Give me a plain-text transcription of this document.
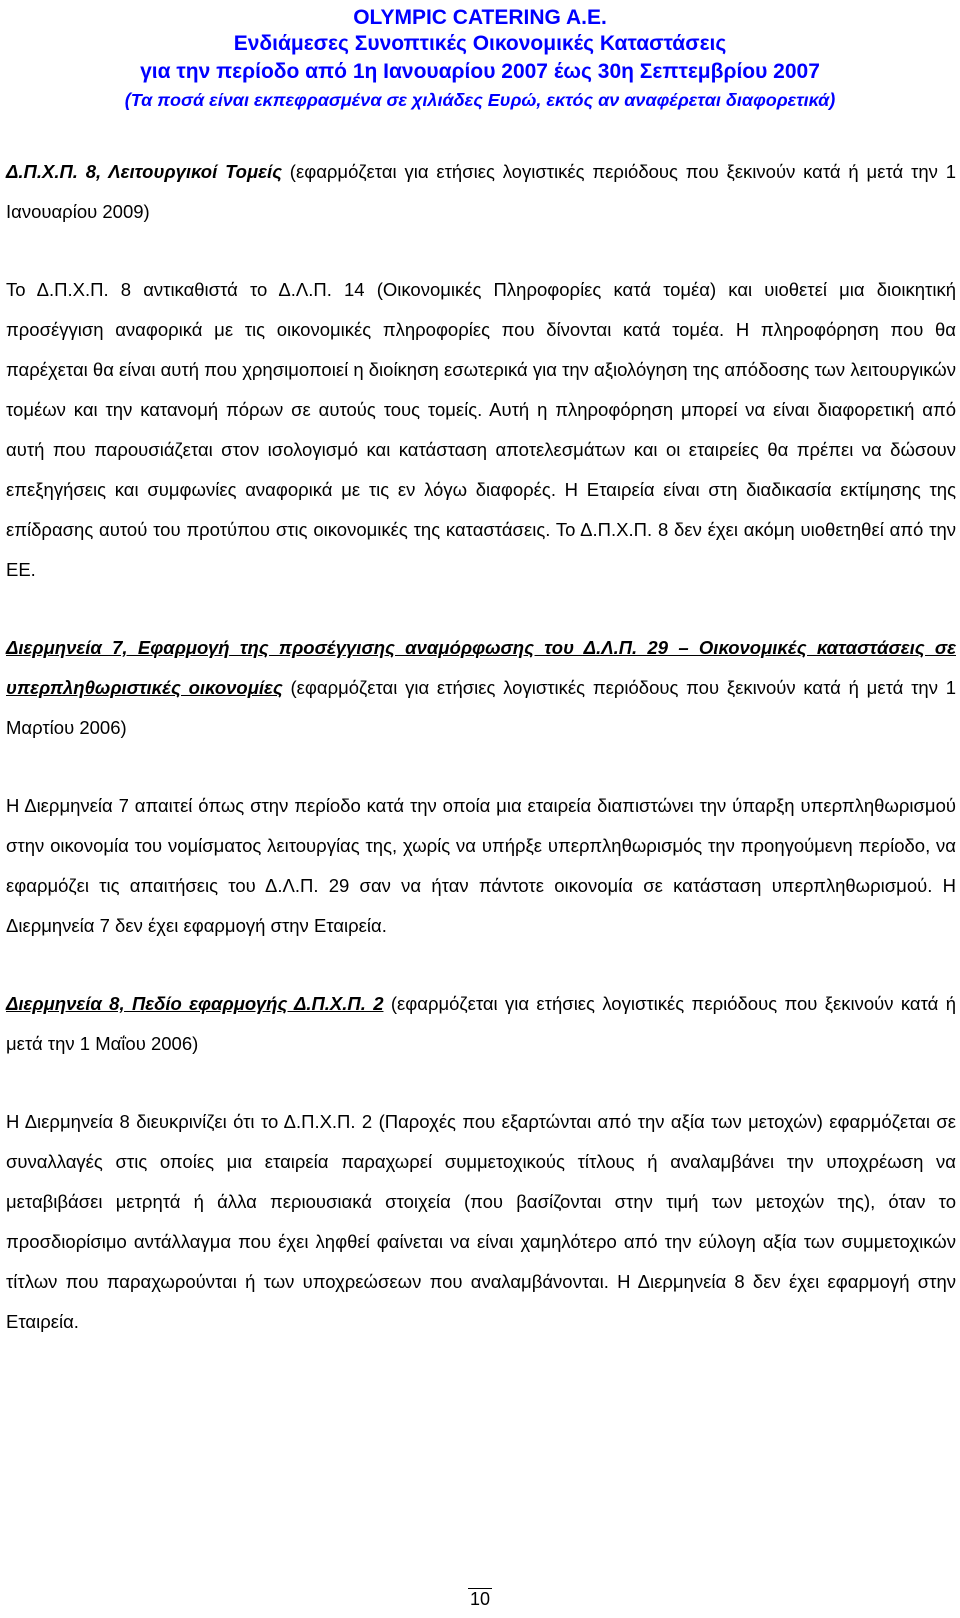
OLYMPIC CATERING A.E.
Ενδιάμεσες Συνοπτικές Οικονομικές Καταστάσεις
για την περίοδο από 1η Ιανουαρίου 2007 έως 30η Σεπτεμβρίου 2007
(Τα ποσά είναι εκπεφρασμένα σε χιλιάδες Ευρώ, εκτός αν αναφέρεται διαφορετικά)

Δ.Π.Χ.Π. 8, Λειτουργικοί Τομείς (εφαρμόζεται για ετήσιες λογιστικές περιόδους που ξεκινούν κατά ή μετά την 1 Ιανουαρίου 2009)

Το Δ.Π.Χ.Π. 8 αντικαθιστά το Δ.Λ.Π. 14 (Οικονομικές Πληροφορίες κατά τομέα) και υιοθετεί μια διοικητική προσέγγιση αναφορικά με τις οικονομικές πληροφορίες που δίνονται κατά τομέα. Η πληροφόρηση που θα παρέχεται θα είναι αυτή που χρησιμοποιεί η διοίκηση εσωτερικά για την αξιολόγηση της απόδοσης των λειτουργικών τομέων και την κατανομή πόρων σε αυτούς τους τομείς. Αυτή η πληροφόρηση μπορεί να είναι διαφορετική από αυτή που παρουσιάζεται στον ισολογισμό και κατάσταση αποτελεσμάτων και οι εταιρείες θα πρέπει να δώσουν επεξηγήσεις και συμφωνίες αναφορικά με τις εν λόγω διαφορές. Η Εταιρεία είναι στη διαδικασία εκτίμησης της επίδρασης αυτού του προτύπου στις οικονομικές της καταστάσεις. Το Δ.Π.Χ.Π. 8 δεν έχει ακόμη υιοθετηθεί από την ΕΕ.

Διερμηνεία 7, Εφαρμογή της προσέγγισης αναμόρφωσης του Δ.Λ.Π. 29 – Οικονομικές καταστάσεις σε υπερπληθωριστικές οικονομίες (εφαρμόζεται για ετήσιες λογιστικές περιόδους που ξεκινούν κατά ή μετά την 1 Μαρτίου 2006)

Η Διερμηνεία 7 απαιτεί όπως στην περίοδο κατά την οποία μια εταιρεία διαπιστώνει την ύπαρξη υπερπληθωρισμού στην οικονομία του νομίσματος λειτουργίας της, χωρίς να υπήρξε υπερπληθωρισμός την προηγούμενη περίοδο, να εφαρμόζει τις απαιτήσεις του Δ.Λ.Π. 29 σαν να ήταν πάντοτε οικονομία σε κατάσταση υπερπληθωρισμού. Η Διερμηνεία 7 δεν έχει εφαρμογή στην Εταιρεία.

Διερμηνεία 8, Πεδίο εφαρμογής Δ.Π.Χ.Π. 2 (εφαρμόζεται για ετήσιες λογιστικές περιόδους που ξεκινούν κατά ή μετά την 1 Μαΐου 2006)

Η Διερμηνεία 8 διευκρινίζει ότι το Δ.Π.Χ.Π. 2 (Παροχές που εξαρτώνται από την αξία των μετοχών) εφαρμόζεται σε συναλλαγές στις οποίες μια εταιρεία παραχωρεί συμμετοχικούς τίτλους ή αναλαμβάνει την υποχρέωση να μεταβιβάσει μετρητά ή άλλα περιουσιακά στοιχεία (που βασίζονται στην τιμή των μετοχών της), όταν το προσδιορίσιμο αντάλλαγμα που έχει ληφθεί φαίνεται να είναι χαμηλότερο από την εύλογη αξία των συμμετοχικών τίτλων που παραχωρούνται ή των υποχρεώσεων που αναλαμβάνονται. Η Διερμηνεία 8 δεν έχει εφαρμογή στην Εταιρεία.

10
